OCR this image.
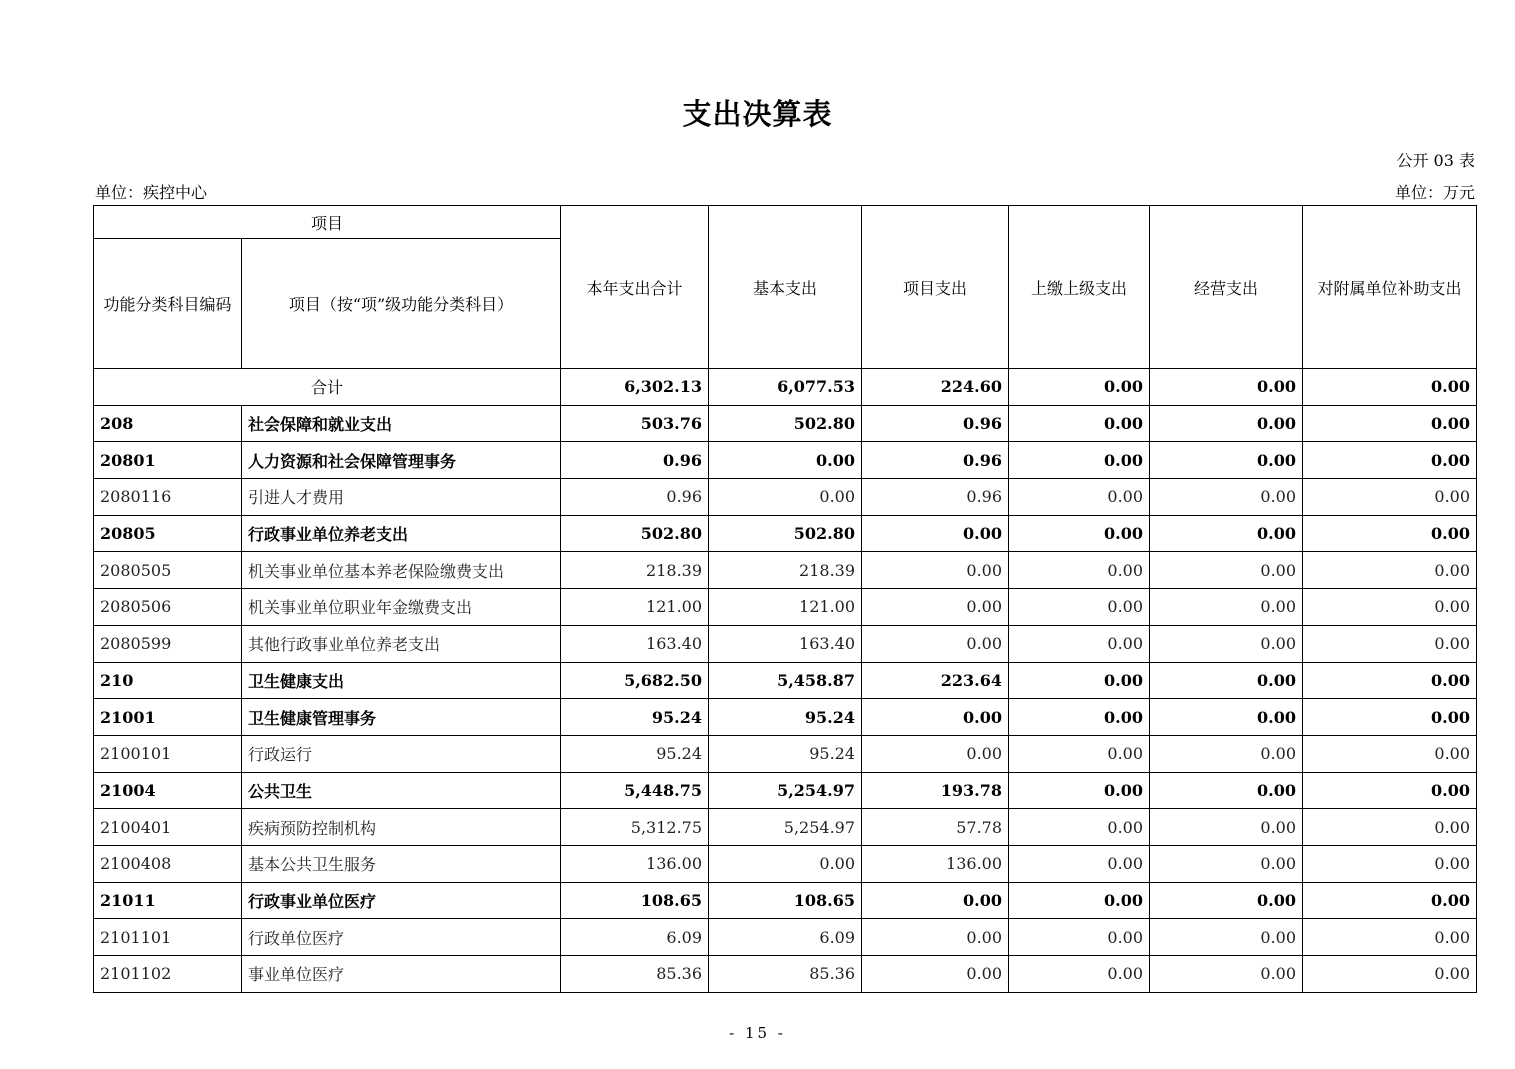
支出决算表
公开 03 表
单位：疾控中心	单位：万元
项目		本年支出合计	基本支出	项目支出	上缴上级支出	经营支出	对附属单位补助支出
功能分类科目编码	项目（按“项”级功能分类科目）						
合计		6,302.13	6,077.53	224.60	0.00	0.00	0.00
208	社会保障和就业支出	503.76	502.80	0.96	0.00	0.00	0.00
20801	人力资源和社会保障管理事务	0.96	0.00	0.96	0.00	0.00	0.00
2080116	引进人才费用	0.96	0.00	0.96	0.00	0.00	0.00
20805	行政事业单位养老支出	502.80	502.80	0.00	0.00	0.00	0.00
2080505	机关事业单位基本养老保险缴费支出	218.39	218.39	0.00	0.00	0.00	0.00
2080506	机关事业单位职业年金缴费支出	121.00	121.00	0.00	0.00	0.00	0.00
2080599	其他行政事业单位养老支出	163.40	163.40	0.00	0.00	0.00	0.00
210	卫生健康支出	5,682.50	5,458.87	223.64	0.00	0.00	0.00
21001	卫生健康管理事务	95.24	95.24	0.00	0.00	0.00	0.00
2100101	行政运行	95.24	95.24	0.00	0.00	0.00	0.00
21004	公共卫生	5,448.75	5,254.97	193.78	0.00	0.00	0.00
2100401	疾病预防控制机构	5,312.75	5,254.97	57.78	0.00	0.00	0.00
2100408	基本公共卫生服务	136.00	0.00	136.00	0.00	0.00	0.00
21011	行政事业单位医疗	108.65	108.65	0.00	0.00	0.00	0.00
2101101	行政单位医疗	6.09	6.09	0.00	0.00	0.00	0.00
2101102	事业单位医疗	85.36	85.36	0.00	0.00	0.00	0.00
- 15 -
